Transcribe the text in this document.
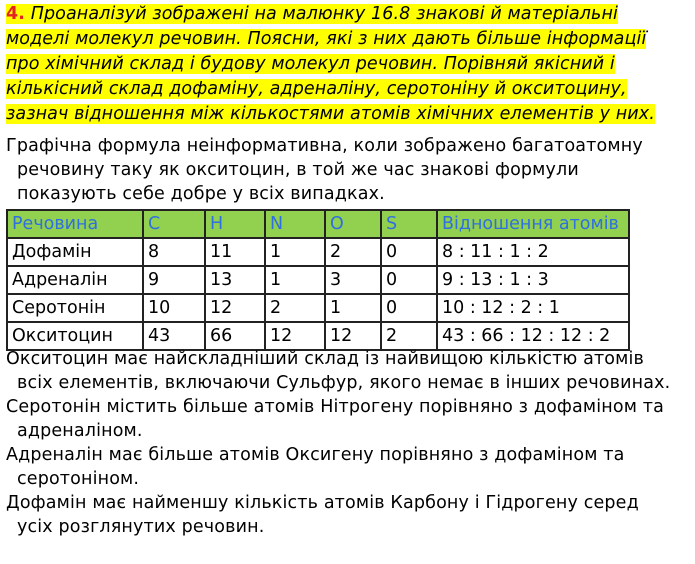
4. Проаналізуй зображені на малюнку 16.8 знакові й матеріальні
моделі молекул речовин. Поясни, які з них дають більше інформації
про хімічний склад і будову молекул речовин. Порівняй якісний і
кількісний склад дофаміну, адреналіну, серотоніну й окситоцину,
зазнач відношення між кількостями атомів хімічних елементів у них.
Графічна формула неінформативна, коли зображено багатоатомну
речовину таку як окситоцин, в той же час знакові формули
показують себе добре у всіх випадках.
Речовина	C	H	N	O	S	Відношення атомів
Дофамін	8	11	1	2	0	8 : 11 : 1 : 2
Адреналін	9	13	1	3	0	9 : 13 : 1 : 3
Серотонін	10	12	2	1	0	10 : 12 : 2 : 1
Окситоцин	43	66	12	12	2	43 : 66 : 12 : 12 : 2
Окситоцин має найскладніший склад із найвищою кількістю атомів
всіх елементів, включаючи Сульфур, якого немає в інших речовинах.
Серотонін містить більше атомів Нітрогену порівняно з дофаміном та
адреналіном.
Адреналін має більше атомів Оксигену порівняно з дофаміном та
серотоніном.
Дофамін має найменшу кількість атомів Карбону і Гідрогену серед
усіх розглянутих речовин.
